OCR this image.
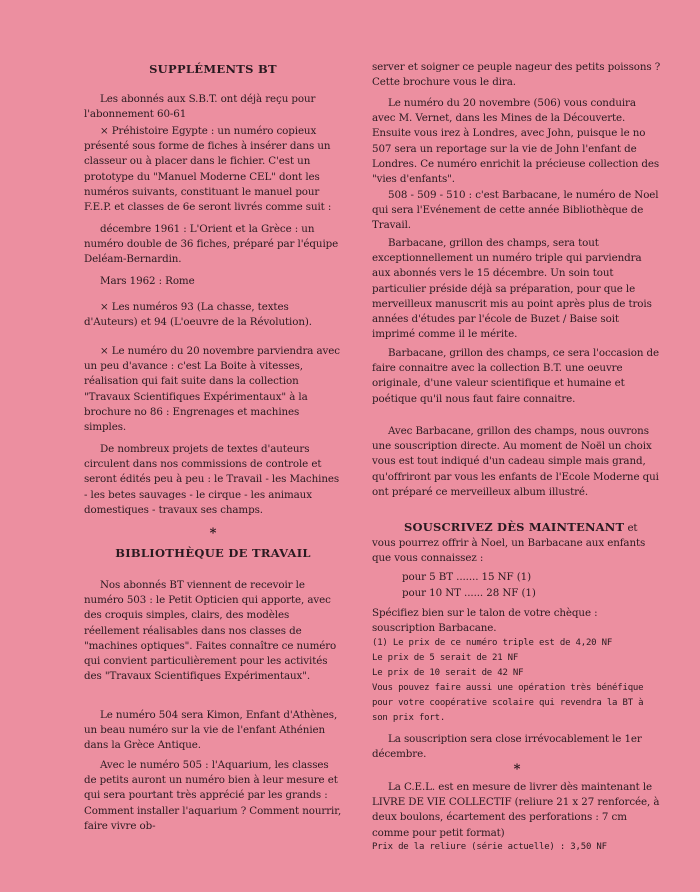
SUPPLÉMENTS BT
Les abonnés aux S.B.T. ont déjà reçu pour l'abonnement 60-61
× Préhistoire Egypte : un numéro copieux présenté sous forme de fiches à insérer dans un classeur ou à placer dans le fichier. C'est un prototype du "Manuel Moderne CEL" dont les numéros suivants, constituant le manuel pour F.E.P. et classes de 6e seront livrés comme suit :
décembre 1961 : L'Orient et la Grèce : un numéro double de 36 fiches, préparé par l'équipe Deléam-Bernardin.
Mars 1962 : Rome
× Les numéros 93 (La chasse, textes d'Auteurs) et 94 (L'oeuvre de la Révolution).
× Le numéro du 20 novembre parviendra avec un peu d'avance : c'est La Boite à vitesses, réalisation qui fait suite dans la collection "Travaux Scientifiques Expérimentaux" à la brochure no 86 : Engrenages et machines simples.
De nombreux projets de textes d'auteurs circulent dans nos commissions de controle et seront édités peu à peu : le Travail - les Machines - les betes sauvages - le cirque - les animaux domestiques - travaux ses champs.
*
BIBLIOTHÈQUE DE TRAVAIL
Nos abonnés BT viennent de recevoir le numéro 503 : le Petit Opticien qui apporte, avec des croquis simples, clairs, des modèles réellement réalisables dans nos classes de "machines optiques". Faites connaître ce numéro qui convient particulièrement pour les activités des "Travaux Scientifiques Expérimentaux".
Le numéro 504 sera Kimon, Enfant d'Athènes, un beau numéro sur la vie de l'enfant Athénien dans la Grèce Antique.
Avec le numéro 505 : l'Aquarium, les classes de petits auront un numéro bien à leur mesure et qui sera pourtant très apprécié par les grands : Comment installer l'aquarium ? Comment nourrir, faire vivre ob-
server et soigner ce peuple nageur des petits poissons ? Cette brochure vous le dira.
Le numéro du 20 novembre (506) vous conduira avec M. Vernet, dans les Mines de la Découverte. Ensuite vous irez à Londres, avec John, puisque le no 507 sera un reportage sur la vie de John l'enfant de Londres. Ce numéro enrichit la précieuse collection des "vies d'enfants".
508 - 509 - 510 : c'est Barbacane, le numéro de Noel qui sera l'Evénement de cette année Bibliothèque de Travail.
Barbacane, grillon des champs, sera tout exceptionnellement un numéro triple qui parviendra aux abonnés vers le 15 décembre. Un soin tout particulier préside déjà sa préparation, pour que le merveilleux manuscrit mis au point après plus de trois années d'études par l'école de Buzet / Baise soit imprimé comme il le mérite.
Barbacane, grillon des champs, ce sera l'occasion de faire connaitre avec la collection B.T. une oeuvre originale, d'une valeur scientifique et humaine et poétique qu'il nous faut faire connaitre.
Avec Barbacane, grillon des champs, nous ouvrons une souscription directe. Au moment de Noël un choix vous est tout indiqué d'un cadeau simple mais grand, qu'offriront par vous les enfants de l'Ecole Moderne qui ont préparé ce merveilleux album illustré.
SOUSCRIVEZ DÈS MAINTENANT et vous pourrez offrir à Noel, un Barbacane aux enfants que vous connaissez :
pour 5 BT ....... 15 NF (1)
pour 10 NT ...... 28 NF (1)
Spécifiez bien sur le talon de votre chèque : souscription Barbacane.
(1) Le prix de ce numéro triple est de 4,20 NF
Le prix de 5 serait de 21 NF
Le prix de 10 serait de 42 NF
Vous pouvez faire aussi une opération très bénéfique pour votre coopérative scolaire qui revendra la BT à son prix fort.
La souscription sera close irrévocablement le 1er décembre.
*
La C.E.L. est en mesure de livrer dès maintenant le LIVRE DE VIE COLLECTIF (reliure 21 x 27 renforcée, à deux boulons, écartement des perforations : 7 cm comme pour petit format)
Prix de la reliure (série actuelle) : 3,50 NF
